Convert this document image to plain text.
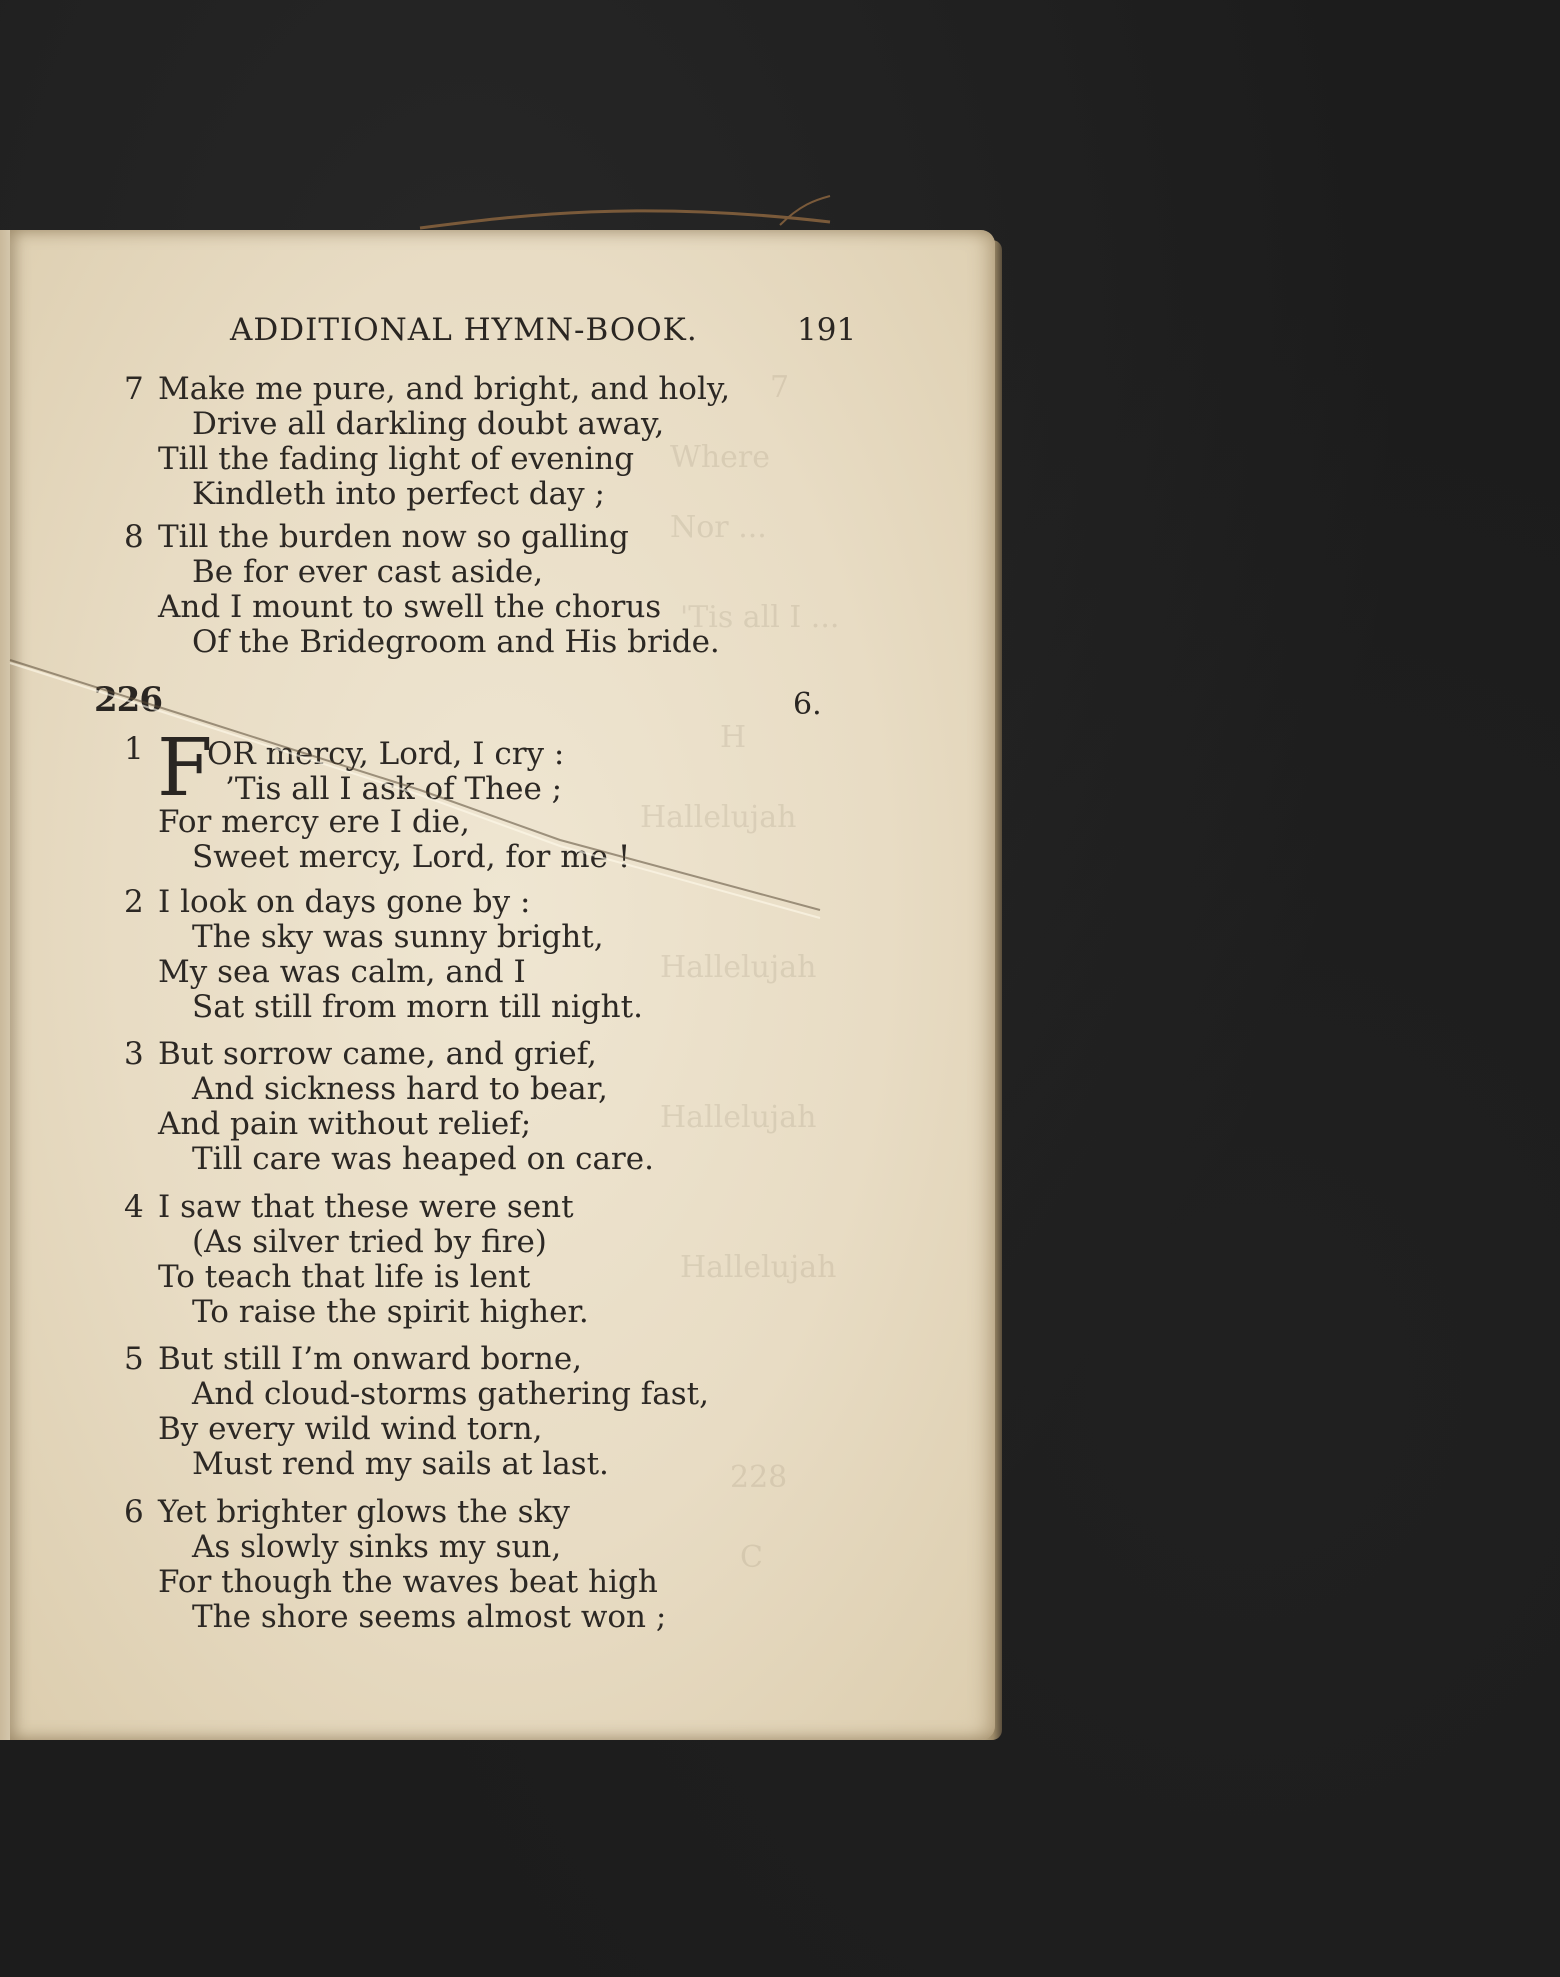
7
Where
Nor ...
'Tis all I ...
H
Hallelujah
Hallelujah
Hallelujah
Hallelujah
228
C
ADDITIONAL HYMN-BOOK.	191
7 Make me pure, and bright, and holy,
Drive all darkling doubt away,
Till the fading light of evening
Kindleth into perfect day ;
8 Till the burden now so galling
Be for ever cast aside,
And I mount to swell the chorus
Of the Bridegroom and His bride.
226	6.
F
1 OR mercy, Lord, I cry :
’Tis all I ask of Thee ;
For mercy ere I die,
Sweet mercy, Lord, for me !
2 I look on days gone by :
The sky was sunny bright,
My sea was calm, and I
Sat still from morn till night.
3 But sorrow came, and grief,
And sickness hard to bear,
And pain without relief;
Till care was heaped on care.
4 I saw that these were sent
(As silver tried by fire)
To teach that life is lent
To raise the spirit higher.
5 But still I’m onward borne,
And cloud-storms gathering fast,
By every wild wind torn,
Must rend my sails at last.
6 Yet brighter glows the sky
As slowly sinks my sun,
For though the waves beat high
The shore seems almost won ;
